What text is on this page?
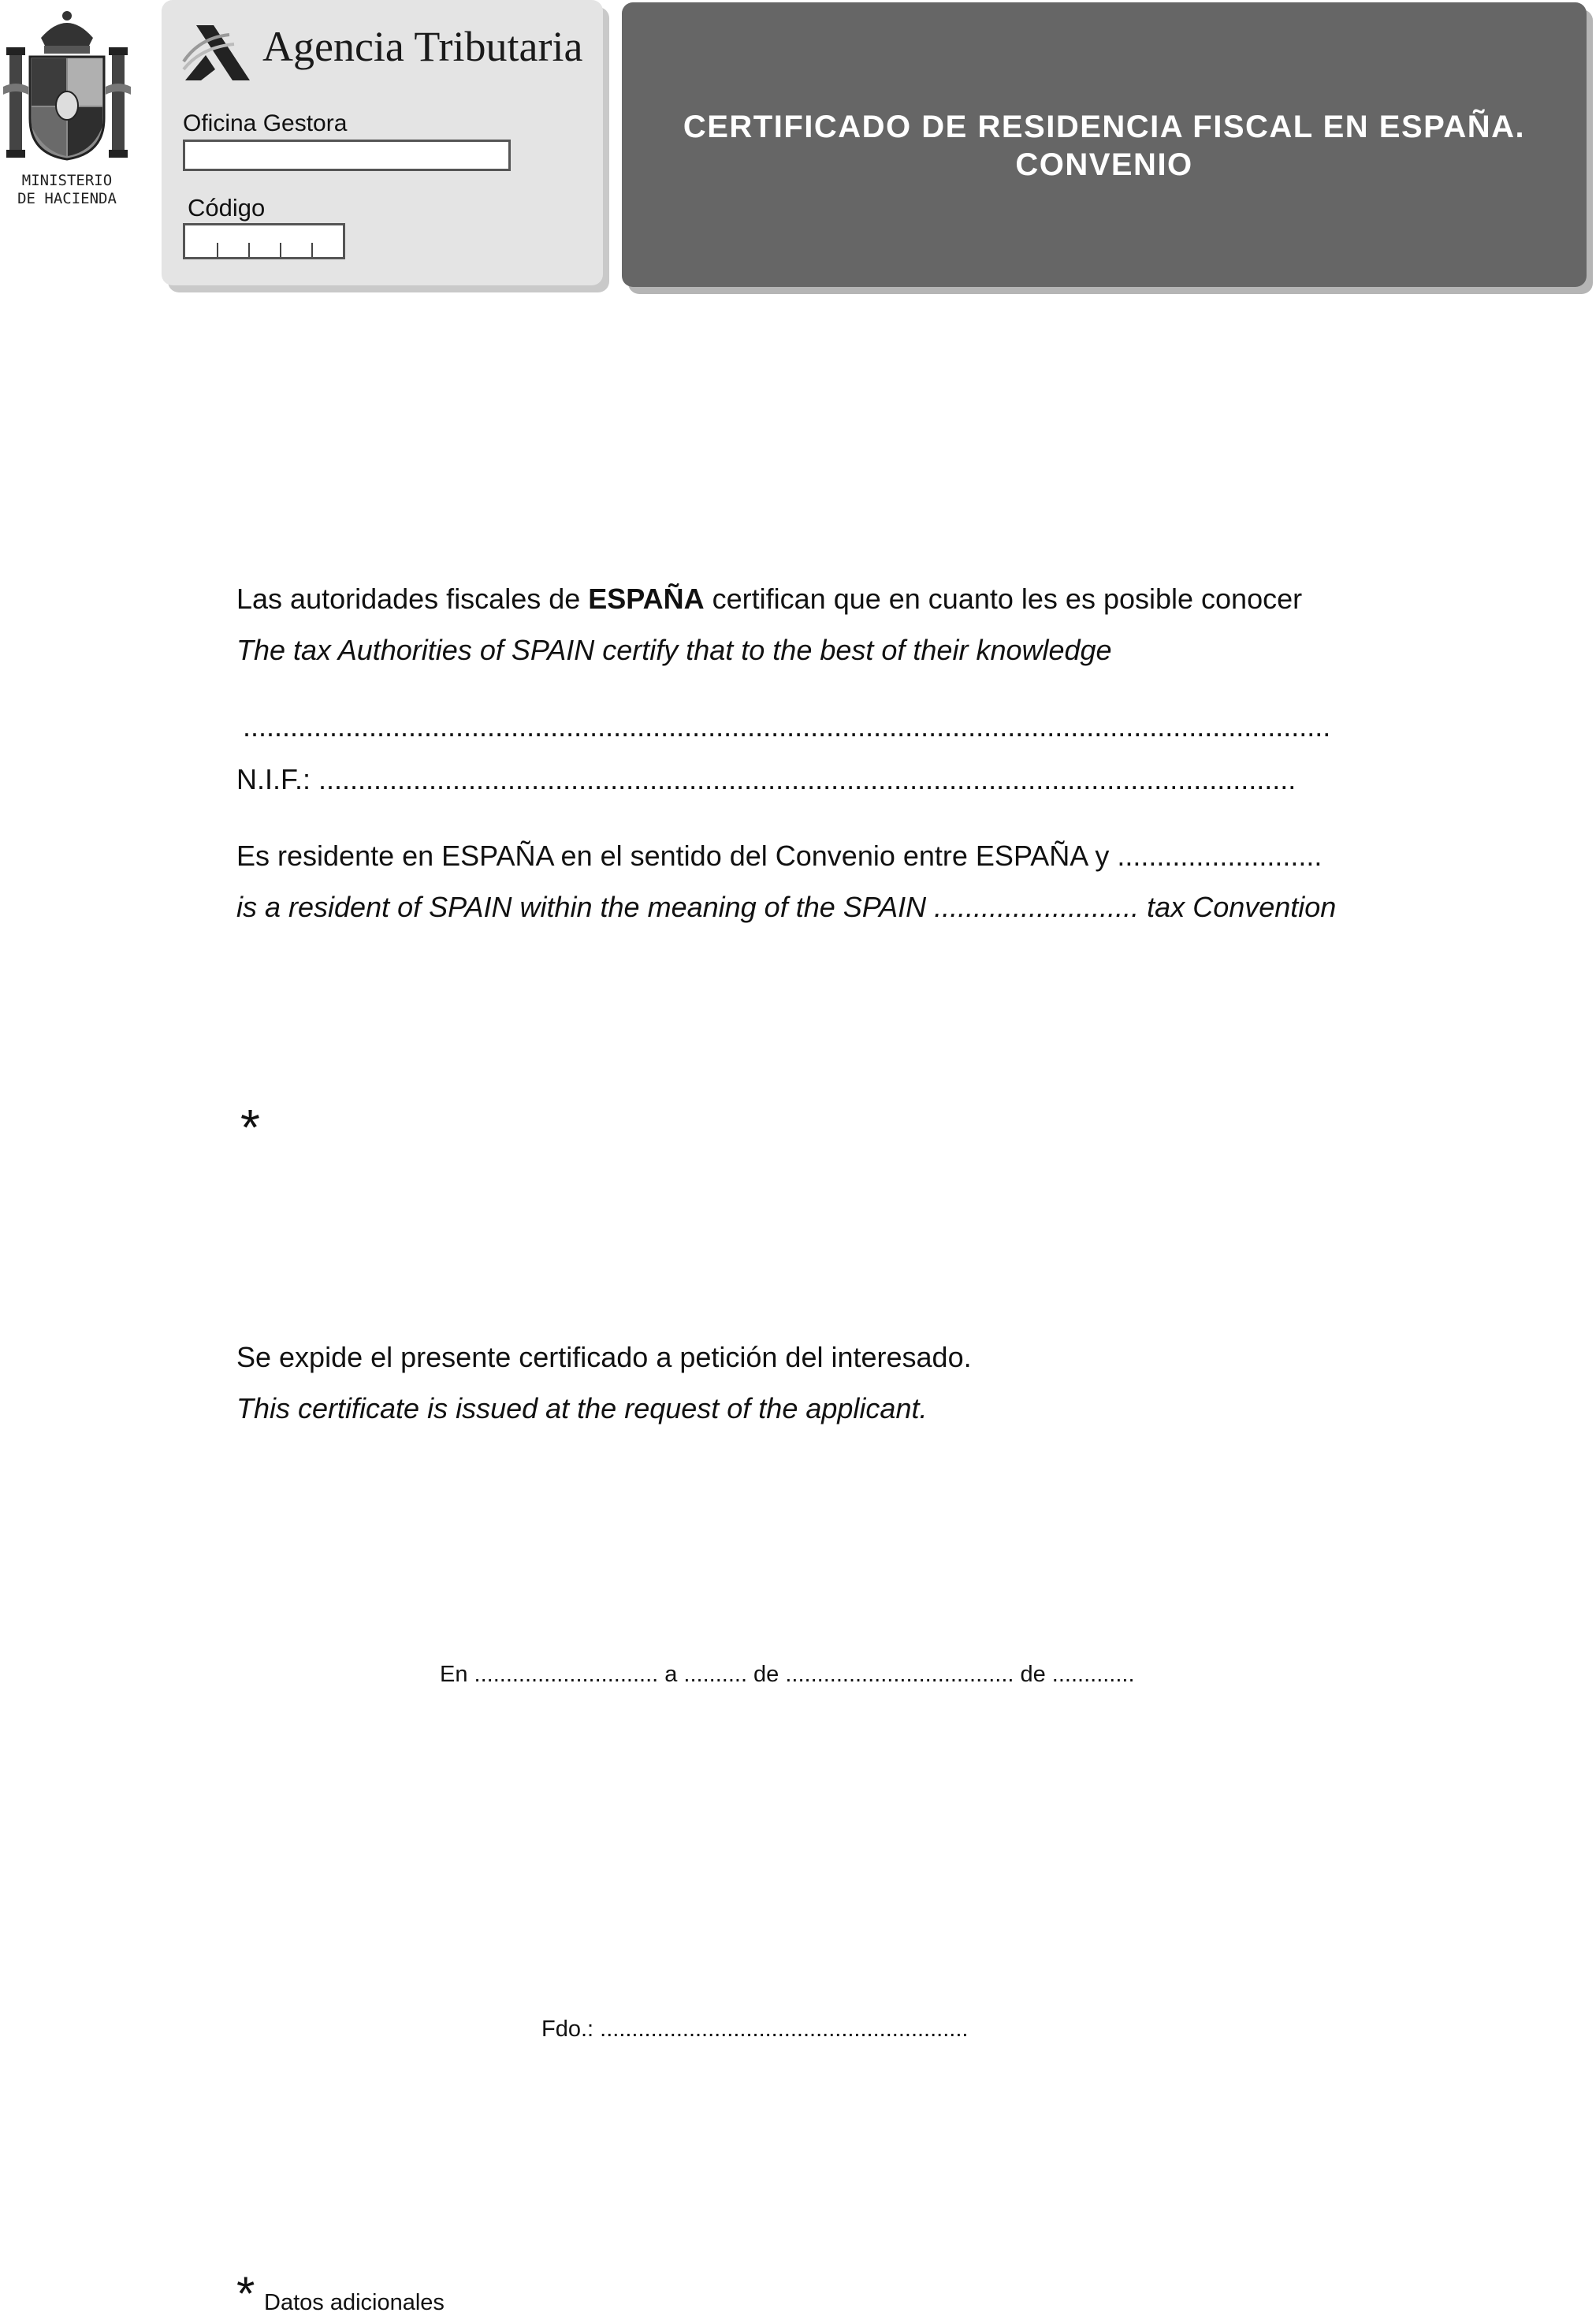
MINISTERIO
DE HACIENDA
Agencia Tributaria
Oficina Gestora
Código
CERTIFICADO DE RESIDENCIA FISCAL EN ESPAÑA.
CONVENIO
Las autoridades fiscales de ESPAÑA certifican que en cuanto les es posible conocer
The tax Authorities of SPAIN certify that to the best of their knowledge
..........................................................................................................................................
N.I.F.: ............................................................................................................................
Es residente en ESPAÑA en el sentido del Convenio entre ESPAÑA y ..........................
is a resident of SPAIN within the meaning of the SPAIN .......................... tax Convention
*
Se expide el presente certificado a petición del interesado.
This certificate is issued at the request of the applicant.
En ............................. a .......... de .................................... de .............
Fdo.: ..........................................................
* Datos adicionales
